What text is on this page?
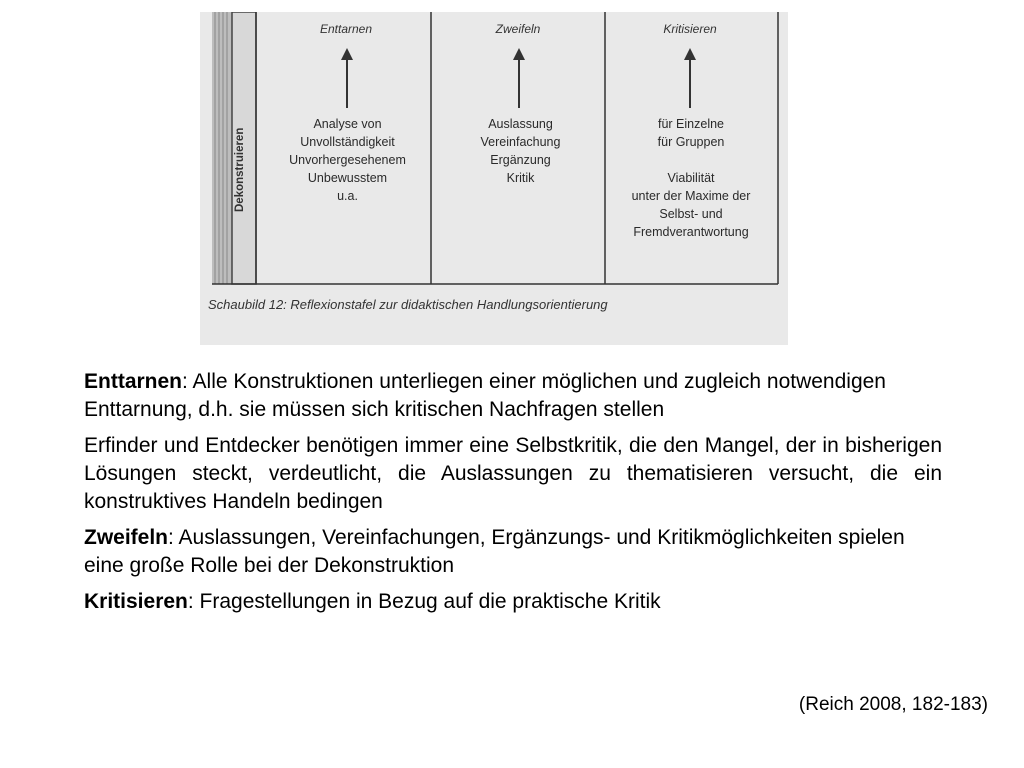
Enttarnen	Zweifeln	Kritisieren
Analyse von
Unvollständigkeit
Unvorhergesehenem
Unbewusstem
u.a.
Auslassung
Vereinfachung
Ergänzung
Kritik
für Einzelne
für Gruppen
Viabilität
unter der Maxime der
Selbst- und
Fremdverantwortung
Dekonstruieren
Schaubild 12: Reflexionstafel zur didaktischen Handlungsorientierung

Enttarnen: Alle Konstruktionen unterliegen einer möglichen und zugleich notwendigen Enttarnung, d.h. sie müssen sich kritischen Nachfragen stellen

Erfinder und Entdecker benötigen immer eine Selbstkritik, die den Mangel, der in bisherigen Lösungen steckt, verdeutlicht, die Auslassungen zu thematisieren versucht, die ein konstruktives Handeln bedingen

Zweifeln: Auslassungen, Vereinfachungen, Ergänzungs- und Kritikmöglichkeiten spielen eine große Rolle bei der Dekonstruktion

Kritisieren: Fragestellungen in Bezug auf die praktische Kritik

(Reich 2008, 182-183)
